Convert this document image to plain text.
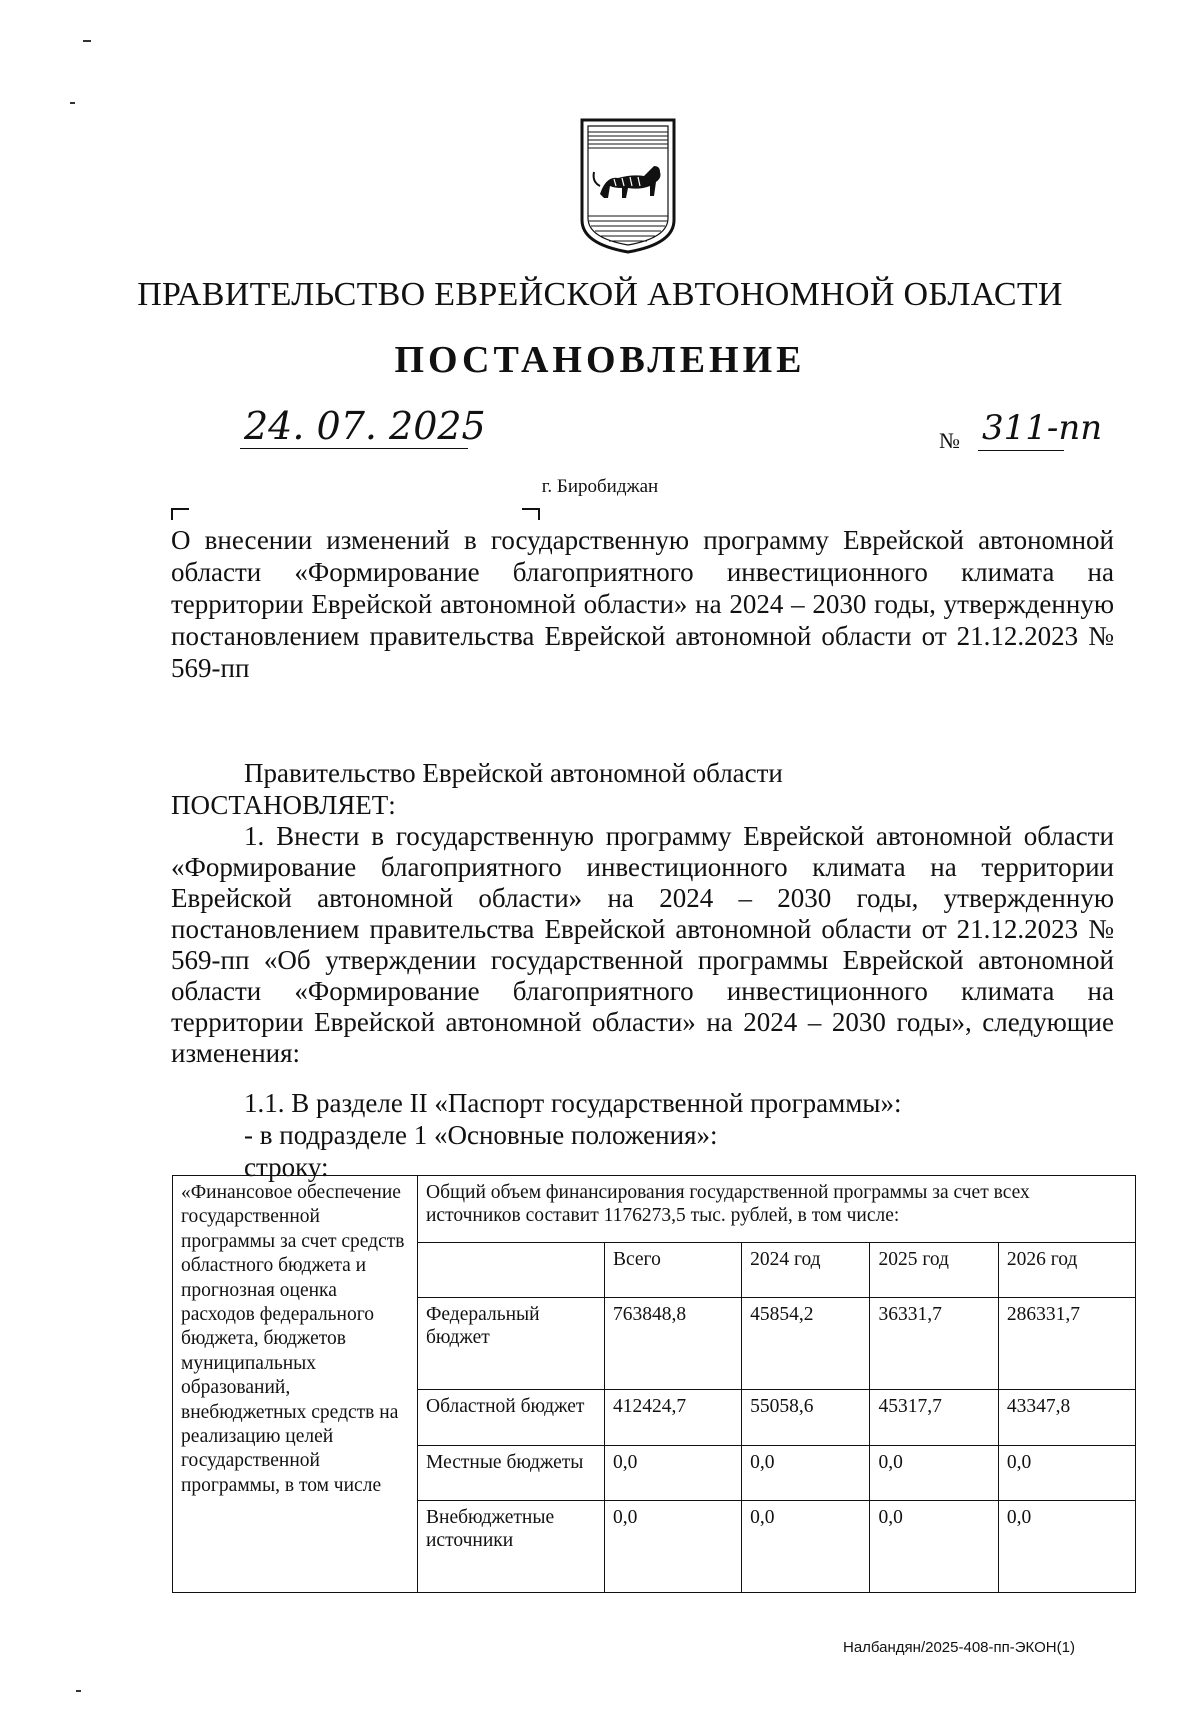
ПРАВИТЕЛЬСТВО ЕВРЕЙСКОЙ АВТОНОМНОЙ ОБЛАСТИ
ПОСТАНОВЛЕНИЕ
24. 07. 2025	№ 311-пп
г. Биробиджан
О внесении изменений в государственную программу Еврейской автономной области «Формирование благоприятного инвестиционного климата на территории Еврейской автономной области» на 2024 – 2030 годы, утвержденную постановлением правительства Еврейской автономной области от 21.12.2023 № 569-пп
Правительство Еврейской автономной области
ПОСТАНОВЛЯЕТ:
1. Внести в государственную программу Еврейской автономной области «Формирование благоприятного инвестиционного климата на территории Еврейской автономной области» на 2024 – 2030 годы, утвержденную постановлением правительства Еврейской автономной области от 21.12.2023 № 569-пп «Об утверждении государственной программы Еврейской автономной области «Формирование благоприятного инвестиционного климата на территории Еврейской автономной области» на 2024 – 2030 годы», следующие изменения:
1.1. В разделе II «Паспорт государственной программы»:
- в подразделе 1 «Основные положения»:
строку:
«Финансовое обеспечение государственной программы за счет средств областного бюджета и прогнозная оценка расходов федерального бюджета, бюджетов муниципальных образований, внебюджетных средств на реализацию целей государственной программы, в том числе	Общий объем финансирования государственной программы за счет всех источников составит 1176273,5 тыс. рублей, в том числе:				
		Всего	2024 год	2025 год	2026 год
	Федеральный бюджет	763848,8	45854,2	36331,7	286331,7
	Областной бюджет	412424,7	55058,6	45317,7	43347,8
	Местные бюджеты	0,0	0,0	0,0	0,0
	Внебюджетные источники	0,0	0,0	0,0	0,0
Налбандян/2025-408-пп-ЭКОН(1)
